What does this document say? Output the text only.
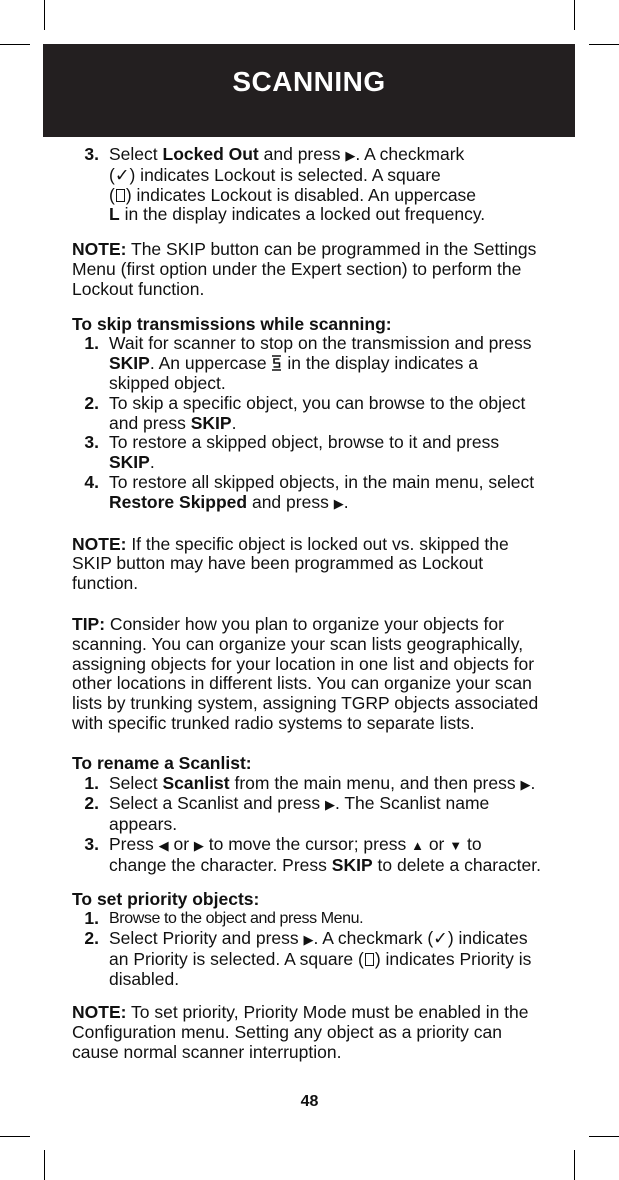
SCANNING
3. Select Locked Out and press ▶. A checkmark
(✓) indicates Lockout is selected. A square
( ) indicates Lockout is disabled. An uppercase
L in the display indicates a locked out frequency.

NOTE: The SKIP button can be programmed in the Settings Menu (first option under the Expert section) to perform the Lockout function.

To skip transmissions while scanning:

1. Wait for scanner to stop on the transmission and press SKIP. An uppercase  in the display indicates a skipped object.
2. To skip a specific object, you can browse to the object and press SKIP.
3. To restore a skipped object, browse to it and press SKIP.
4. To restore all skipped objects, in the main menu, select Restore Skipped and press ▶.

NOTE: If the specific object is locked out vs. skipped the SKIP button may have been programmed as Lockout function.

TIP: Consider how you plan to organize your objects for scanning. You can organize your scan lists geographically, assigning objects for your location in one list and objects for other locations in different lists. You can organize your scan lists by trunking system, assigning TGRP objects associated with specific trunked radio systems to separate lists.

To rename a Scanlist:

1. Select Scanlist from the main menu, and then press ▶.
2. Select a Scanlist and press ▶. The Scanlist name appears.
3. Press ◀ or ▶ to move the cursor; press ▲ or ▼ to change the character. Press SKIP to delete a character.

To set priority objects:

1. Browse to the object and press Menu.
2. Select Priority and press ▶. A checkmark (✓) indicates an Priority is selected. A square ( ) indicates Priority is disabled.

NOTE: To set priority, Priority Mode must be enabled in the Configuration menu. Setting any object as a priority can cause normal scanner interruption.

48
